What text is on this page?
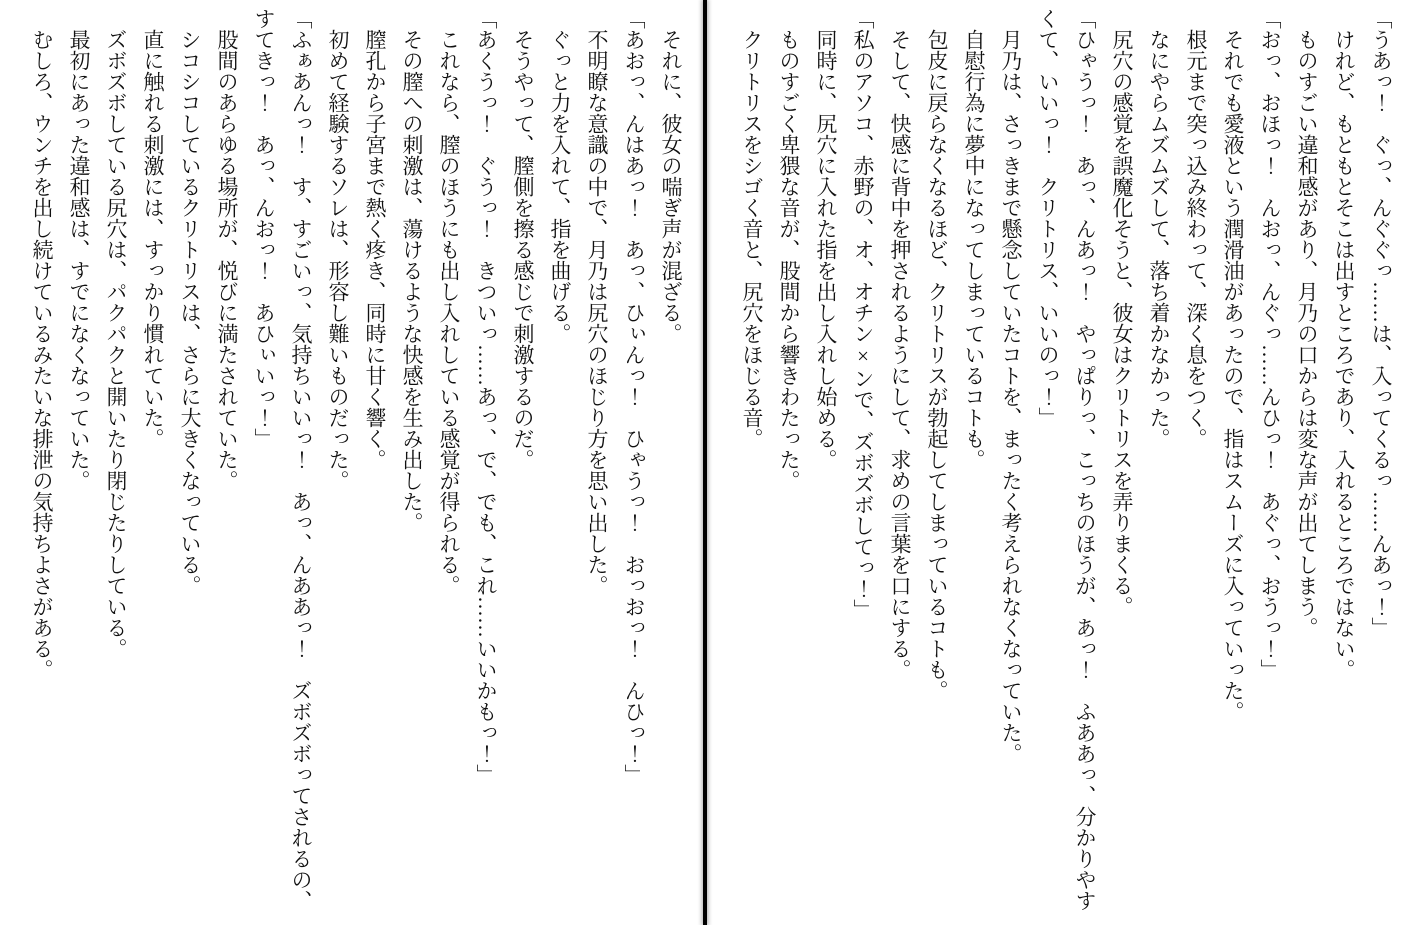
それに、彼女の喘ぎ声が混ざる。

「あおっ、んはあっ！　あっ、ひぃんっ！　ひゃうっ！　おっおっ！　んひっ！」

不明瞭な意識の中で、月乃は尻穴のほじり方を思い出した。

ぐっと力を入れて、指を曲げる。

そうやって、膣側を擦る感じで刺激するのだ。

「あくうっ！　ぐうっ！　きついっ……あっ、で、でも、これ……いいかもっ！」

これなら、膣のほうにも出し入れしている感覚が得られる。

その膣への刺激は、蕩けるような快感を生み出した。

膣孔から子宮まで熱く疼き、同時に甘く響く。

初めて経験するソレは、形容し難いものだった。

「ふぁあんっ！　す、すごいっ、気持ちいいっ！　あっ、んああっ！　ズボズボってされるの、すてきっ！　あっ、んおっ！　あひぃいっ！」

股間のあらゆる場所が、悦びに満たされていた。

シコシコしているクリトリスは、さらに大きくなっている。

直に触れる刺激には、すっかり慣れていた。

ズボズボしている尻穴は、パクパクと開いたり閉じたりしている。

最初にあった違和感は、すでになくなっていた。

むしろ、ウンチを出し続けているみたいな排泄の気持ちよさがある。	「うあっ！　ぐっ、んぐぐっ……は、入ってくるっ……んあっ！」

けれど、もともとそこは出すところであり、入れるところではない。

ものすごい違和感があり、月乃の口からは変な声が出てしまう。

「おっ、おほっ！　んおっ、んぐっ……んひっ！　あぐっ、おうっ！」

それでも愛液という潤滑油があったので、指はスムーズに入っていった。

根元まで突っ込み終わって、深く息をつく。

なにやらムズムズして、落ち着かなかった。

尻穴の感覚を誤魔化そうと、彼女はクリトリスを弄りまくる。

「ひゃうっ！　あっ、んあっ！　やっぱりっ、こっちのほうが、あっ！　ふああっ、分かりやすくて、いいっ！　クリトリス、いいのっ！」

月乃は、さっきまで懸念していたコトを、まったく考えられなくなっていた。

自慰行為に夢中になってしまっているコトも。

包皮に戻らなくなるほど、クリトリスが勃起してしまっているコトも。

そして、快感に背中を押されるようにして、求めの言葉を口にする。

「私のアソコ、赤野の、オ、オチン×ンで、ズボズボしてっ！」

同時に、尻穴に入れた指を出し入れし始める。

ものすごく卑猥な音が、股間から響きわたった。

クリトリスをシゴく音と、尻穴をほじる音。
